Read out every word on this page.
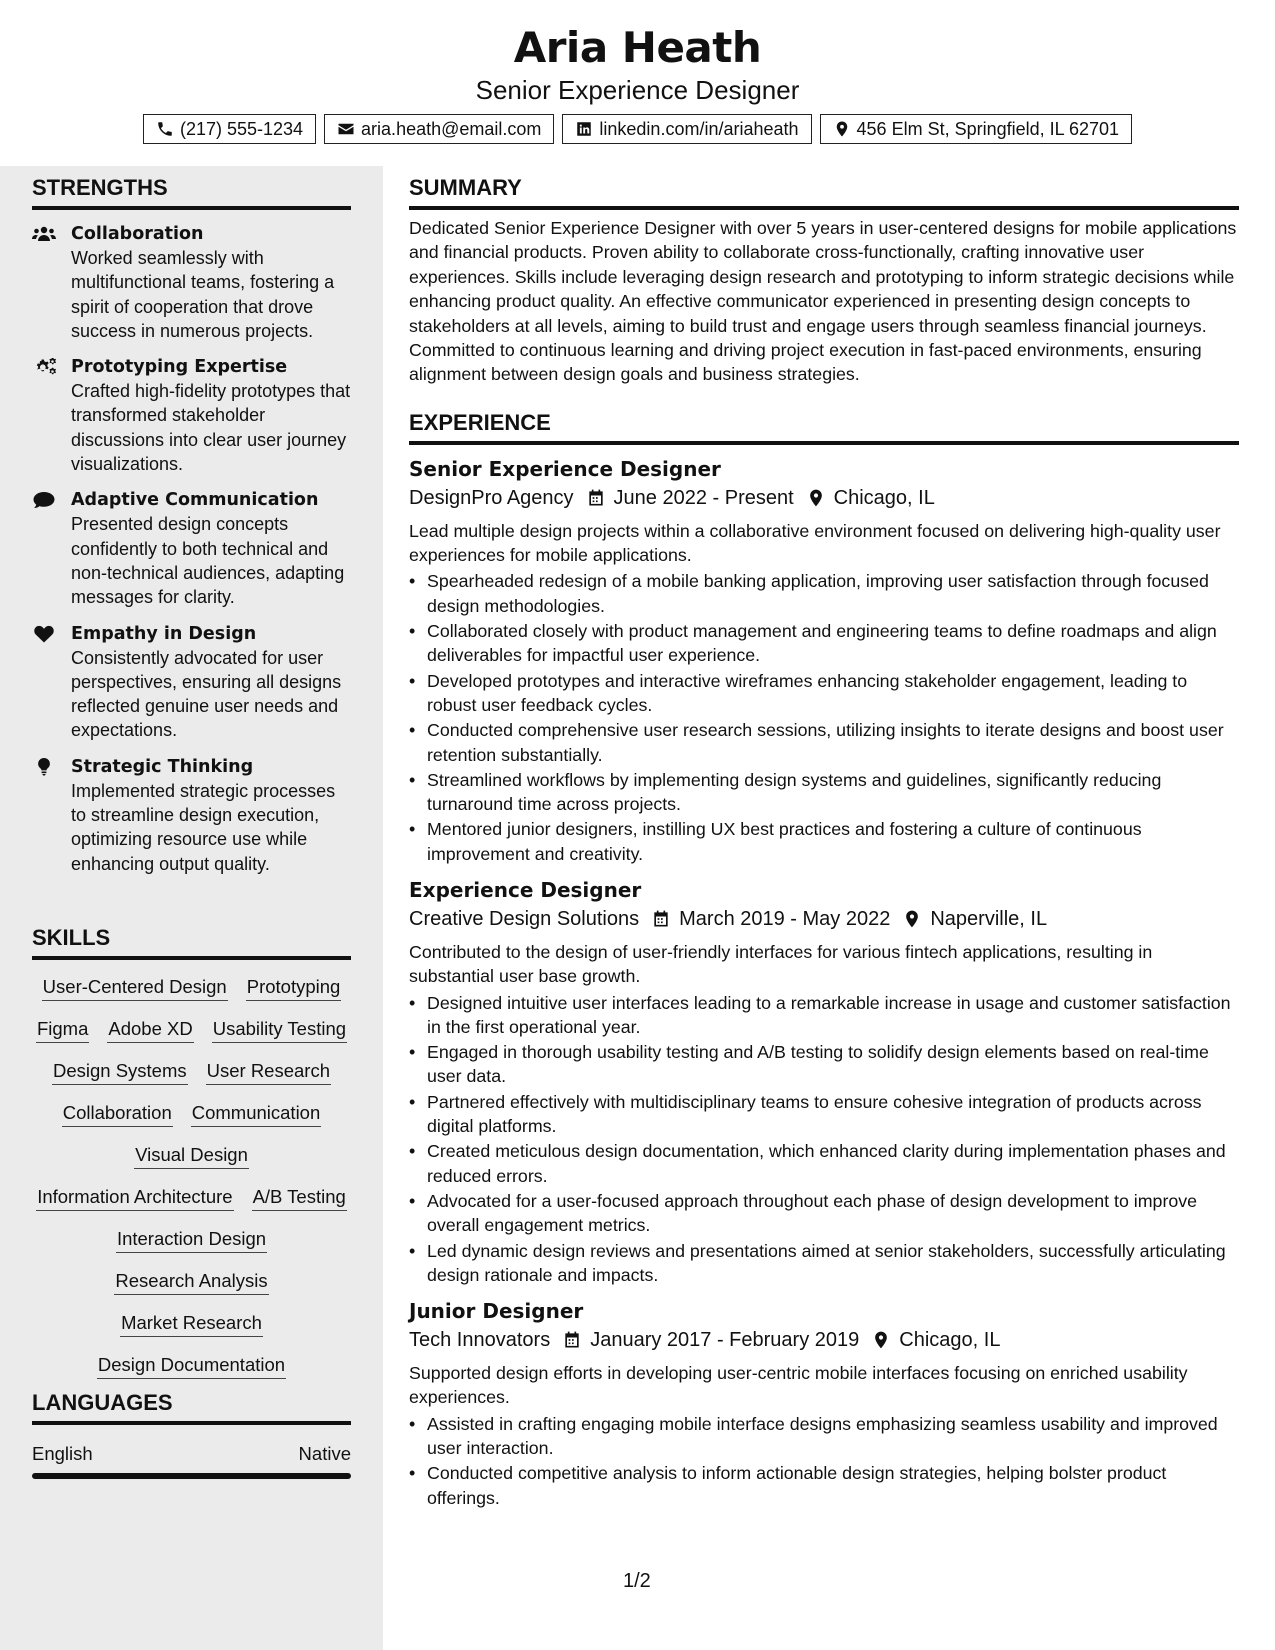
Aria Heath
Senior Experience Designer
(217) 555-1234	aria.heath@email.com	linkedin.com/in/ariaheath	456 Elm St, Springfield, IL 62701
STRENGTHS
Collaboration
Worked seamlessly with multifunctional teams, fostering a spirit of cooperation that drove success in numerous projects.
Prototyping Expertise
Crafted high-fidelity prototypes that transformed stakeholder discussions into clear user journey visualizations.
Adaptive Communication
Presented design concepts confidently to both technical and non-technical audiences, adapting messages for clarity.
Empathy in Design
Consistently advocated for user perspectives, ensuring all designs reflected genuine user needs and expectations.
Strategic Thinking
Implemented strategic processes to streamline design execution, optimizing resource use while enhancing output quality.
SKILLS
User-Centered Design Prototyping
Figma Adobe XD Usability Testing
Design Systems User Research
Collaboration Communication
Visual Design
Information Architecture A/B Testing
Interaction Design
Research Analysis
Market Research
Design Documentation
LANGUAGES
English	Native
SUMMARY
Dedicated Senior Experience Designer with over 5 years in user-centered designs for mobile applications and financial products. Proven ability to collaborate cross-functionally, crafting innovative user experiences. Skills include leveraging design research and prototyping to inform strategic decisions while enhancing product quality. An effective communicator experienced in presenting design concepts to stakeholders at all levels, aiming to build trust and engage users through seamless financial journeys. Committed to continuous learning and driving project execution in fast-paced environments, ensuring alignment between design goals and business strategies.
EXPERIENCE
Senior Experience Designer
DesignPro Agency June 2022 - Present Chicago, IL
Lead multiple design projects within a collaborative environment focused on delivering high-quality user experiences for mobile applications.
• Spearheaded redesign of a mobile banking application, improving user satisfaction through focused design methodologies.
• Collaborated closely with product management and engineering teams to define roadmaps and align deliverables for impactful user experience.
• Developed prototypes and interactive wireframes enhancing stakeholder engagement, leading to robust user feedback cycles.
• Conducted comprehensive user research sessions, utilizing insights to iterate designs and boost user retention substantially.
• Streamlined workflows by implementing design systems and guidelines, significantly reducing turnaround time across projects.
• Mentored junior designers, instilling UX best practices and fostering a culture of continuous improvement and creativity.
Experience Designer
Creative Design Solutions March 2019 - May 2022 Naperville, IL
Contributed to the design of user-friendly interfaces for various fintech applications, resulting in substantial user base growth.
• Designed intuitive user interfaces leading to a remarkable increase in usage and customer satisfaction in the first operational year.
• Engaged in thorough usability testing and A/B testing to solidify design elements based on real-time user data.
• Partnered effectively with multidisciplinary teams to ensure cohesive integration of products across digital platforms.
• Created meticulous design documentation, which enhanced clarity during implementation phases and reduced errors.
• Advocated for a user-focused approach throughout each phase of design development to improve overall engagement metrics.
• Led dynamic design reviews and presentations aimed at senior stakeholders, successfully articulating design rationale and impacts.
Junior Designer
Tech Innovators January 2017 - February 2019 Chicago, IL
Supported design efforts in developing user-centric mobile interfaces focusing on enriched usability experiences.
• Assisted in crafting engaging mobile interface designs emphasizing seamless usability and improved user interaction.
• Conducted competitive analysis to inform actionable design strategies, helping bolster product offerings.
1/2
